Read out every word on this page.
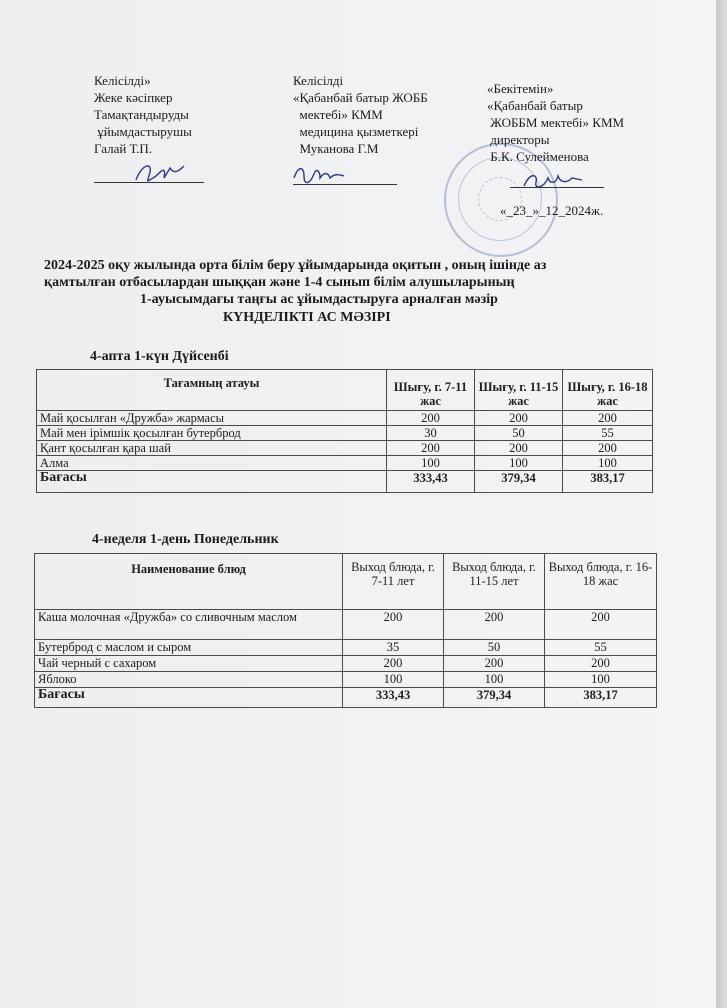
Келісілді»
Жеке кәсіпкер
Тамақтандыруды
ұйымдастырушы
Галай Т.П.
Келісілді
«Қабанбай батыр ЖОББ
мектебі» КММ
медицина қызметкері
Муканова Г.М
«Бекітемін»
«Қабанбай батыр
ЖОББМ мектебі» КММ
директоры
Б.К. Сулейменова
«_23_»_12_2024ж.
2024-2025 оқу жылында орта білім беру ұйымдарында оқитын , оның ішінде аз
қамтылған отбасылардан шыққан және 1-4 сынып білім алушыларының
1-ауысымдағы таңғы ас ұйымдастыруға арналған мәзір
КҮНДЕЛІКТІ АС МӘЗІРІ
4-апта 1-күн Дүйсенбі
Тағамның атауы	Шығу, г. 7-11 жас	Шығу, г. 11-15 жас	Шығу, г. 16-18 жас
Май қосылған «Дружба» жармасы	200	200	200
Май мен ірімшік қосылған бутерброд	30	50	55
Қант қосылған қара шай	200	200	200
Алма	100	100	100
Бағасы	333,43	379,34	383,17
4-неделя 1-день Понедельник
Наименование блюд	Выход блюда, г. 7-11 лет	Выход блюда, г. 11-15 лет	Выход блюда, г. 16-18 жас
Каша молочная «Дружба» со сливочным маслом	200	200	200
Бутерброд с маслом и сыром	35	50	55
Чай черный с сахаром	200	200	200
Яблоко	100	100	100
Бағасы	333,43	379,34	383,17
